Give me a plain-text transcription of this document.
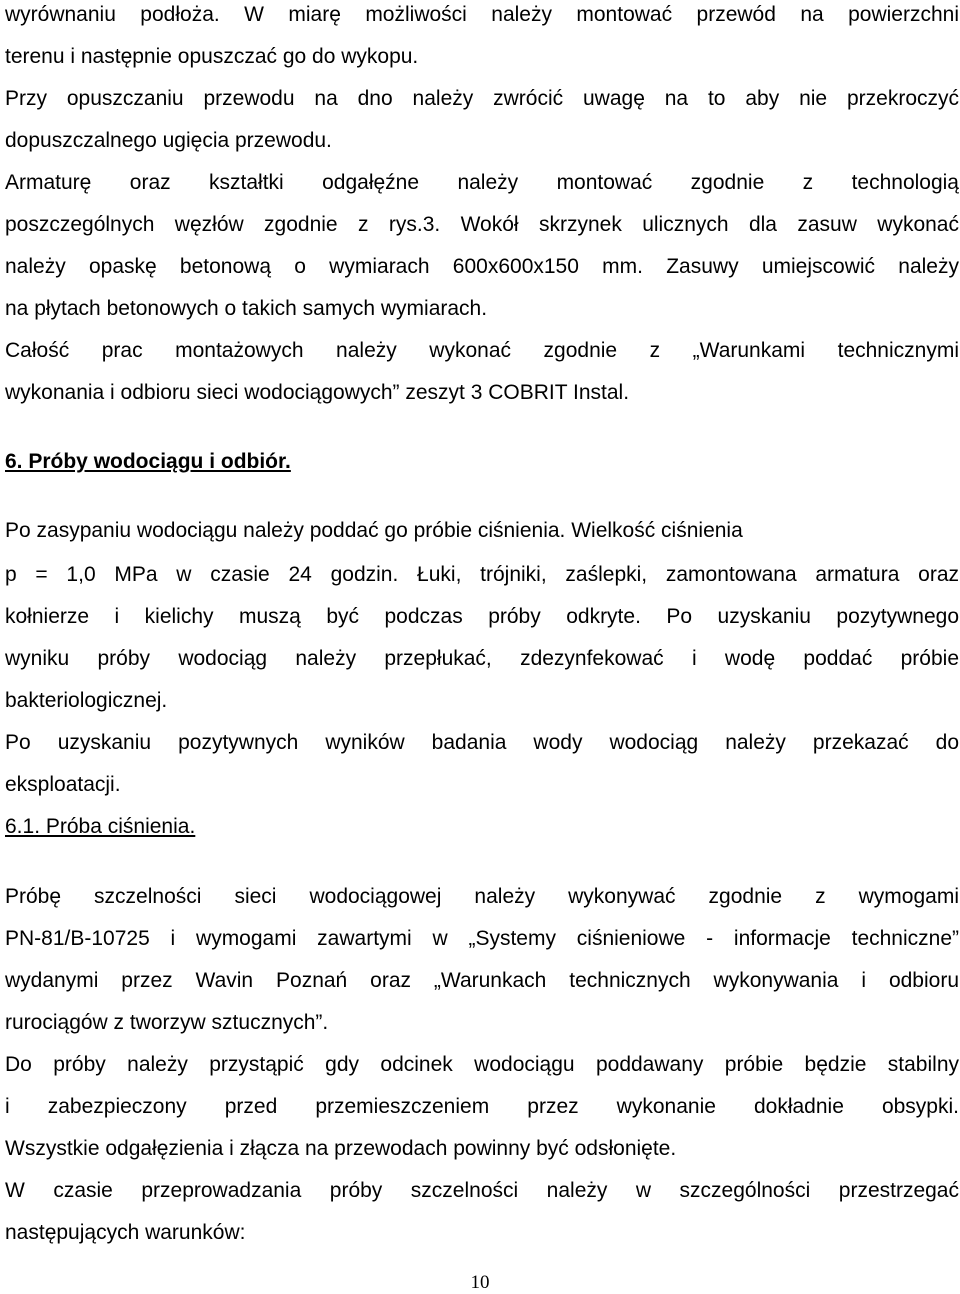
wyrównaniu podłoża. W miarę możliwości należy montować przewód na powierzchni
terenu i następnie opuszczać go do wykopu.
Przy opuszczaniu przewodu na dno należy zwrócić uwagę na to aby nie przekroczyć
dopuszczalnego ugięcia przewodu.
Armaturę oraz kształtki odgałęźne należy montować zgodnie z technologią
poszczególnych węzłów zgodnie z rys.3. Wokół skrzynek ulicznych dla zasuw wykonać
należy opaskę betonową o wymiarach 600x600x150 mm. Zasuwy umiejscowić należy
na płytach betonowych o takich samych wymiarach.
Całość prac montażowych należy wykonać zgodnie z „Warunkami technicznymi
wykonania i odbioru sieci wodociągowych” zeszyt 3 COBRIT Instal.
6. Próby wodociągu i odbiór.
Po zasypaniu wodociągu należy poddać go próbie ciśnienia. Wielkość ciśnienia
p = 1,0 MPa w czasie 24 godzin. Łuki, trójniki, zaślepki, zamontowana armatura oraz
kołnierze i kielichy muszą być podczas próby odkryte. Po uzyskaniu pozytywnego
wyniku próby wodociąg należy przepłukać, zdezynfekować i wodę poddać próbie
bakteriologicznej.
Po uzyskaniu pozytywnych wyników badania wody wodociąg należy przekazać do
eksploatacji.
6.1. Próba ciśnienia.
Próbę szczelności sieci wodociągowej należy wykonywać zgodnie z wymogami
PN-81/B-10725 i wymogami zawartymi w „Systemy ciśnieniowe - informacje techniczne”
wydanymi przez Wavin Poznań oraz „Warunkach technicznych wykonywania i odbioru
rurociągów z tworzyw sztucznych”.
Do próby należy przystąpić gdy odcinek wodociągu poddawany próbie będzie stabilny
i zabezpieczony przed przemieszczeniem przez wykonanie dokładnie obsypki.
Wszystkie odgałęzienia i złącza na przewodach powinny być odsłonięte.
W czasie przeprowadzania próby szczelności należy w szczególności przestrzegać
następujących warunków:
10
